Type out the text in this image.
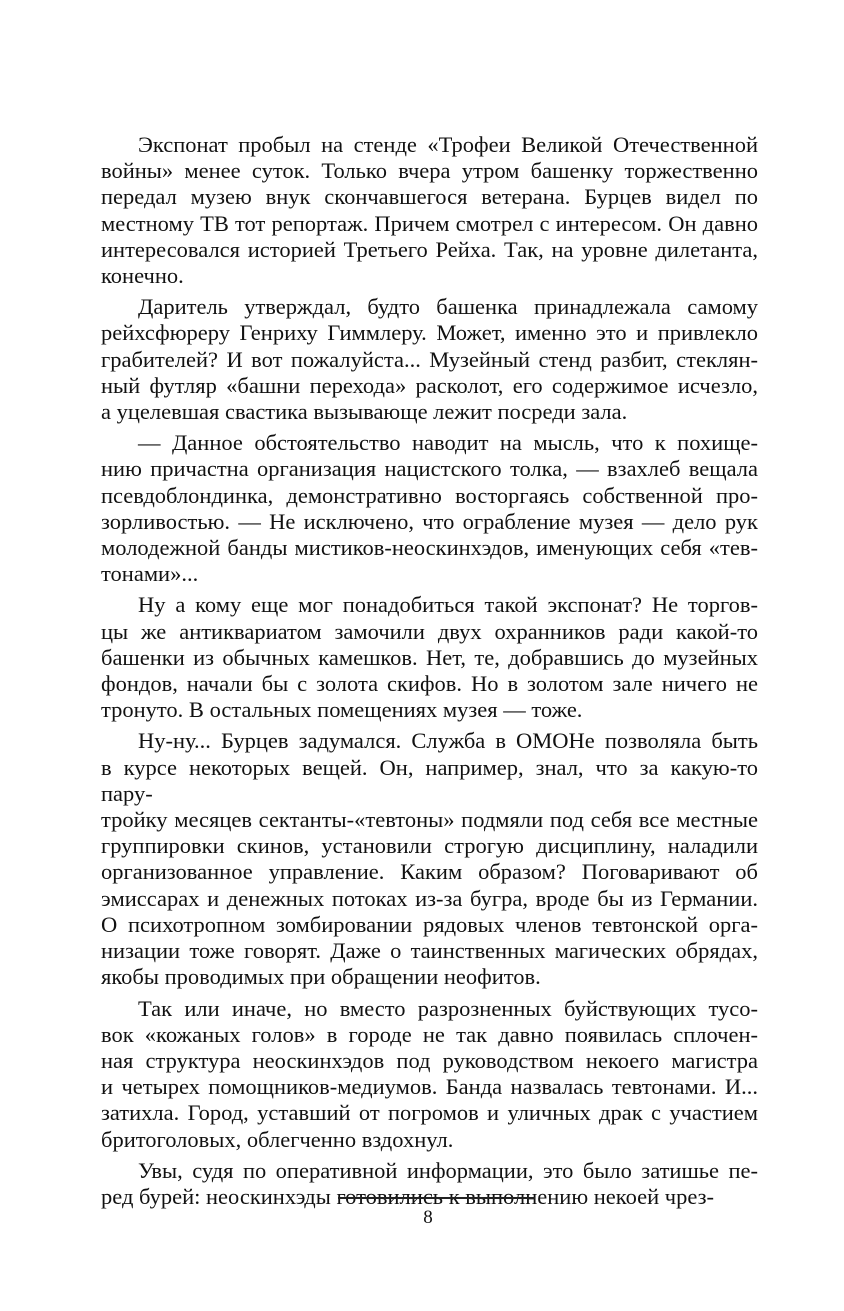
Экспонат пробыл на стенде «Трофеи Великой Отечественной
войны» менее суток. Только вчера утром башенку торжественно
передал музею внук скончавшегося ветерана. Бурцев видел по
местному ТВ тот репортаж. Причем смотрел с интересом. Он давно
интересовался историей Третьего Рейха. Так, на уровне дилетанта,
конечно.

Даритель утверждал, будто башенка принадлежала самому
рейхсфюреру Генриху Гиммлеру. Может, именно это и привлекло
грабителей? И вот пожалуйста... Музейный стенд разбит, стеклян-
ный футляр «башни перехода» расколот, его содержимое исчезло,
а уцелевшая свастика вызывающе лежит посреди зала.

— Данное обстоятельство наводит на мысль, что к похище-
нию причастна организация нацистского толка, — взахлеб вещала
псевдоблондинка, демонстративно восторгаясь собственной про-
зорливостью. — Не исключено, что ограбление музея — дело рук
молодежной банды мистиков-неоскинхэдов, именующих себя «тев-
тонами»...

Ну а кому еще мог понадобиться такой экспонат? Не торгов-
цы же антиквариатом замочили двух охранников ради какой-то
башенки из обычных камешков. Нет, те, добравшись до музейных
фондов, начали бы с золота скифов. Но в золотом зале ничего не
тронуто. В остальных помещениях музея — тоже.

Ну-ну... Бурцев задумался. Служба в ОМОНе позволяла быть
в курсе некоторых вещей. Он, например, знал, что за какую-то пару-
тройку месяцев сектанты-«тевтоны» подмяли под себя все местные
группировки скинов, установили строгую дисциплину, наладили
организованное управление. Каким образом? Поговаривают об
эмиссарах и денежных потоках из-за бугра, вроде бы из Германии.
О психотропном зомбировании рядовых членов тевтонской орга-
низации тоже говорят. Даже о таинственных магических обрядах,
якобы проводимых при обращении неофитов.

Так или иначе, но вместо разрозненных буйствующих тусо-
вок «кожаных голов» в городе не так давно появилась сплочен-
ная структура неоскинхэдов под руководством некоего магистра
и четырех помощников-медиумов. Банда назвалась тевтонами. И...
затихла. Город, уставший от погромов и уличных драк с участием
бритоголовых, облегченно вздохнул.

Увы, судя по оперативной информации, это было затишье пе-
ред бурей: неоскинхэды готовились к выполнению некоей чрез-

8
